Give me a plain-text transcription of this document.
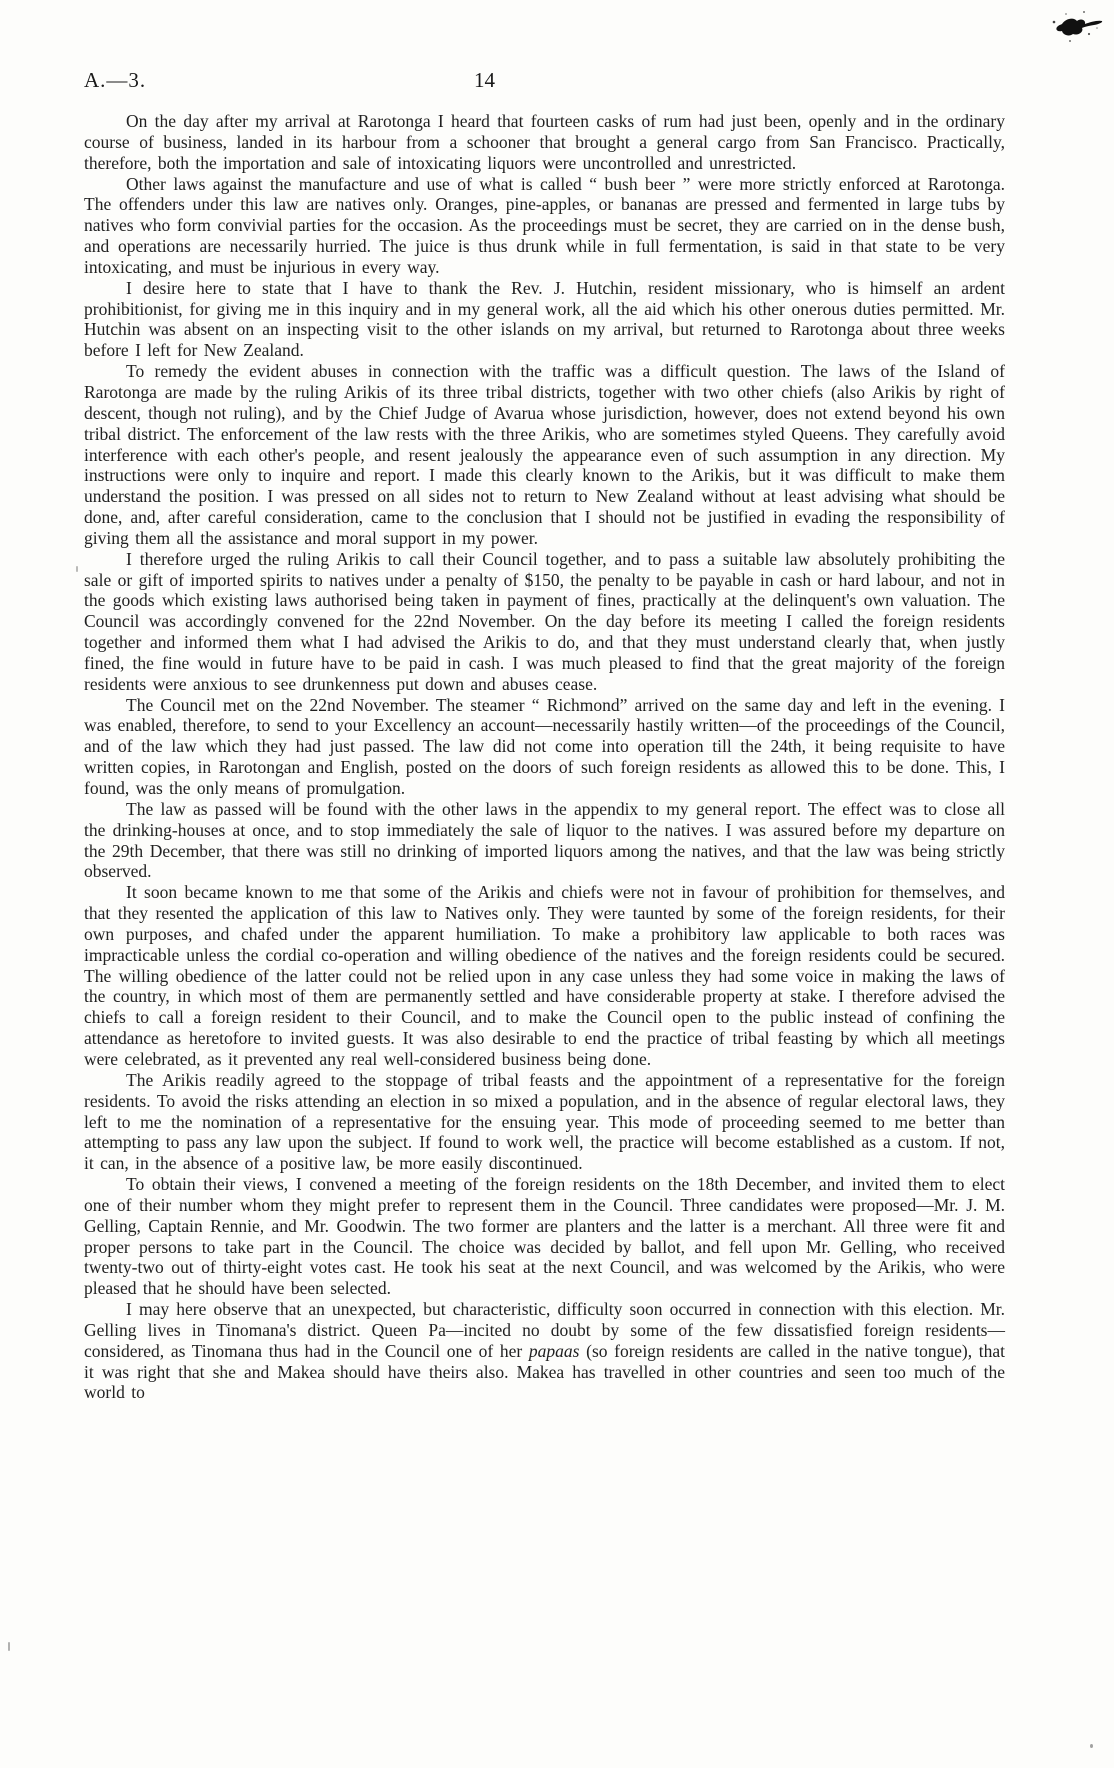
A.—3.	14

On the day after my arrival at Rarotonga I heard that fourteen casks of rum had just been, openly and in the ordinary course of business, landed in its harbour from a schooner that brought a general cargo from San Francisco. Practically, therefore, both the importation and sale of intoxicating liquors were uncontrolled and unrestricted.

Other laws against the manufacture and use of what is called “ bush beer ” were more strictly enforced at Rarotonga. The offenders under this law are natives only. Oranges, pine-apples, or bananas are pressed and fermented in large tubs by natives who form convivial parties for the occasion. As the proceedings must be secret, they are carried on in the dense bush, and operations are necessarily hurried. The juice is thus drunk while in full fermentation, is said in that state to be very intoxicating, and must be injurious in every way.

I desire here to state that I have to thank the Rev. J. Hutchin, resident missionary, who is himself an ardent prohibitionist, for giving me in this inquiry and in my general work, all the aid which his other onerous duties permitted. Mr. Hutchin was absent on an inspecting visit to the other islands on my arrival, but returned to Rarotonga about three weeks before I left for New Zealand.

To remedy the evident abuses in connection with the traffic was a difficult question. The laws of the Island of Rarotonga are made by the ruling Arikis of its three tribal districts, together with two other chiefs (also Arikis by right of descent, though not ruling), and by the Chief Judge of Avarua whose jurisdiction, however, does not extend beyond his own tribal district. The enforcement of the law rests with the three Arikis, who are sometimes styled Queens. They carefully avoid interference with each other's people, and resent jealously the appearance even of such assumption in any direction. My instructions were only to inquire and report. I made this clearly known to the Arikis, but it was difficult to make them understand the position. I was pressed on all sides not to return to New Zealand without at least advising what should be done, and, after careful consideration, came to the conclusion that I should not be justified in evading the responsibility of giving them all the assistance and moral support in my power.

I therefore urged the ruling Arikis to call their Council together, and to pass a suitable law absolutely prohibiting the sale or gift of imported spirits to natives under a penalty of $150, the penalty to be payable in cash or hard labour, and not in the goods which existing laws authorised being taken in payment of fines, practically at the delinquent's own valuation. The Council was accordingly convened for the 22nd November. On the day before its meeting I called the foreign residents together and informed them what I had advised the Arikis to do, and that they must understand clearly that, when justly fined, the fine would in future have to be paid in cash. I was much pleased to find that the great majority of the foreign residents were anxious to see drunkenness put down and abuses cease.

The Council met on the 22nd November. The steamer “ Richmond” arrived on the same day and left in the evening. I was enabled, therefore, to send to your Excellency an account—necessarily hastily written—of the proceedings of the Council, and of the law which they had just passed. The law did not come into operation till the 24th, it being requisite to have written copies, in Rarotongan and English, posted on the doors of such foreign residents as allowed this to be done. This, I found, was the only means of promulgation.

The law as passed will be found with the other laws in the appendix to my general report. The effect was to close all the drinking-houses at once, and to stop immediately the sale of liquor to the natives. I was assured before my departure on the 29th December, that there was still no drinking of imported liquors among the natives, and that the law was being strictly observed.

It soon became known to me that some of the Arikis and chiefs were not in favour of prohibition for themselves, and that they resented the application of this law to Natives only. They were taunted by some of the foreign residents, for their own purposes, and chafed under the apparent humiliation. To make a prohibitory law applicable to both races was impracticable unless the cordial co-operation and willing obedience of the natives and the foreign residents could be secured. The willing obedience of the latter could not be relied upon in any case unless they had some voice in making the laws of the country, in which most of them are permanently settled and have considerable property at stake. I therefore advised the chiefs to call a foreign resident to their Council, and to make the Council open to the public instead of confining the attendance as heretofore to invited guests. It was also desirable to end the practice of tribal feasting by which all meetings were celebrated, as it prevented any real well-considered business being done.

The Arikis readily agreed to the stoppage of tribal feasts and the appointment of a representative for the foreign residents. To avoid the risks attending an election in so mixed a population, and in the absence of regular electoral laws, they left to me the nomination of a representative for the ensuing year. This mode of proceeding seemed to me better than attempting to pass any law upon the subject. If found to work well, the practice will become established as a custom. If not, it can, in the absence of a positive law, be more easily discontinued.

To obtain their views, I convened a meeting of the foreign residents on the 18th December, and invited them to elect one of their number whom they might prefer to represent them in the Council. Three candidates were proposed—Mr. J. M. Gelling, Captain Rennie, and Mr. Goodwin. The two former are planters and the latter is a merchant. All three were fit and proper persons to take part in the Council. The choice was decided by ballot, and fell upon Mr. Gelling, who received twenty-two out of thirty-eight votes cast. He took his seat at the next Council, and was welcomed by the Arikis, who were pleased that he should have been selected.

I may here observe that an unexpected, but characteristic, difficulty soon occurred in connection with this election. Mr. Gelling lives in Tinomana's district. Queen Pa—incited no doubt by some of the few dissatisfied foreign residents—considered, as Tinomana thus had in the Council one of her papaas (so foreign residents are called in the native tongue), that it was right that she and Makea should have theirs also. Makea has travelled in other countries and seen too much of the world to
